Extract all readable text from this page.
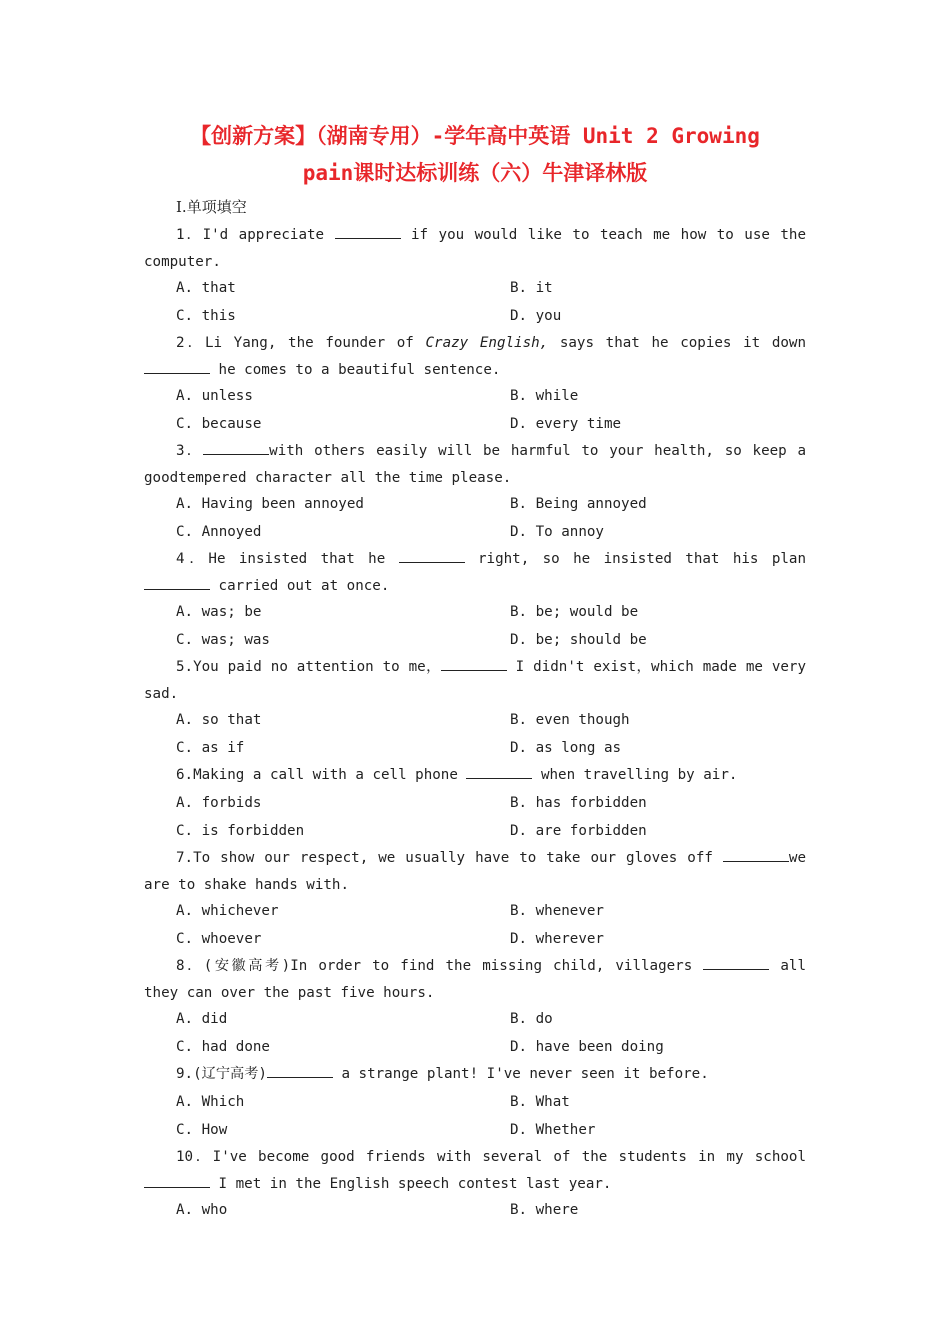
【创新方案】（湖南专用）-学年高中英语 Unit 2 Growing
pain课时达标训练（六）牛津译林版
I.单项填空

1．I'd appreciate	if you would like to teach me how to use the computer.

A. that	B. it
C. this	D. you

2．Li Yang, the founder of Crazy English, says that he copies it down  he comes to a beautiful sentence.

A. unless	B. while
C. because	D. every time

3．	with others easily will be harmful to your health, so keep a goodtempered character all the time please.

A. Having been annoyed	B. Being annoyed
C. Annoyed	D. To annoy

4．He insisted that he	right, so he insisted that his plan  carried out at once.

A. was; be	B. be; would be
C. was; was	D. be; should be

5.You paid no attention to me，	I didn't exist，which made me very sad.

A. so that	B. even though
C. as if	D. as long as

6.Making a call with a cell phone	when travelling by air.

A. forbids	B. has forbidden
C. is forbidden	D. are forbidden

7.To show our respect, we usually have to take our gloves off	we are to shake hands with.

A. whichever	B. whenever
C. whoever	D. wherever

8．(安徽高考)In order to find the missing child, villagers	all they can over the past five hours.

A. did	B. do
C. had done	D. have been doing

9.(辽宁高考)	a strange plant! I've never seen it before.

A. Which	B. What
C. How	D. Whether

10．I've become good friends with several of the students in my school  I met in the English speech contest last year.

A. who	B. where
